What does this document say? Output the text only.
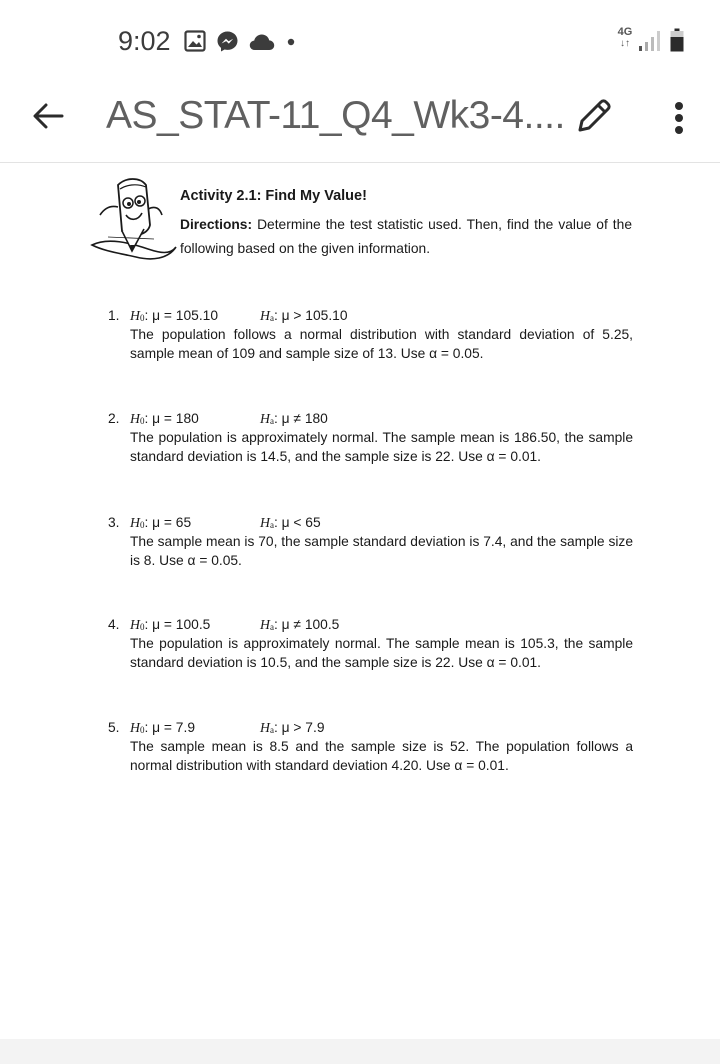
9:02	4G
↓↑
AS_STAT-11_Q4_Wk3-4....
Activity 2.1: Find My Value!
Directions: Determine the test statistic used. Then, find the value of the following based on the given information.
1. $H_0$: μ = 105.10	$H_a$: μ > 105.10
The population follows a normal distribution with standard deviation of 5.25, sample mean of 109 and sample size of 13. Use α = 0.05.
2. $H_0$: μ = 180	$H_a$: μ ≠ 180
The population is approximately normal. The sample mean is 186.50, the sample standard deviation is 14.5, and the sample size is 22. Use α = 0.01.
3. $H_0$: μ = 65	$H_a$: μ < 65
The sample mean is 70, the sample standard deviation is 7.4, and the sample size is 8. Use α = 0.05.
4. $H_0$: μ = 100.5	$H_a$: μ ≠ 100.5
The population is approximately normal. The sample mean is 105.3, the sample standard deviation is 10.5, and the sample size is 22. Use α = 0.01.
5. $H_0$: μ = 7.9	$H_a$: μ > 7.9
The sample mean is 8.5 and the sample size is 52. The population follows a normal distribution with standard deviation 4.20. Use α = 0.01.
